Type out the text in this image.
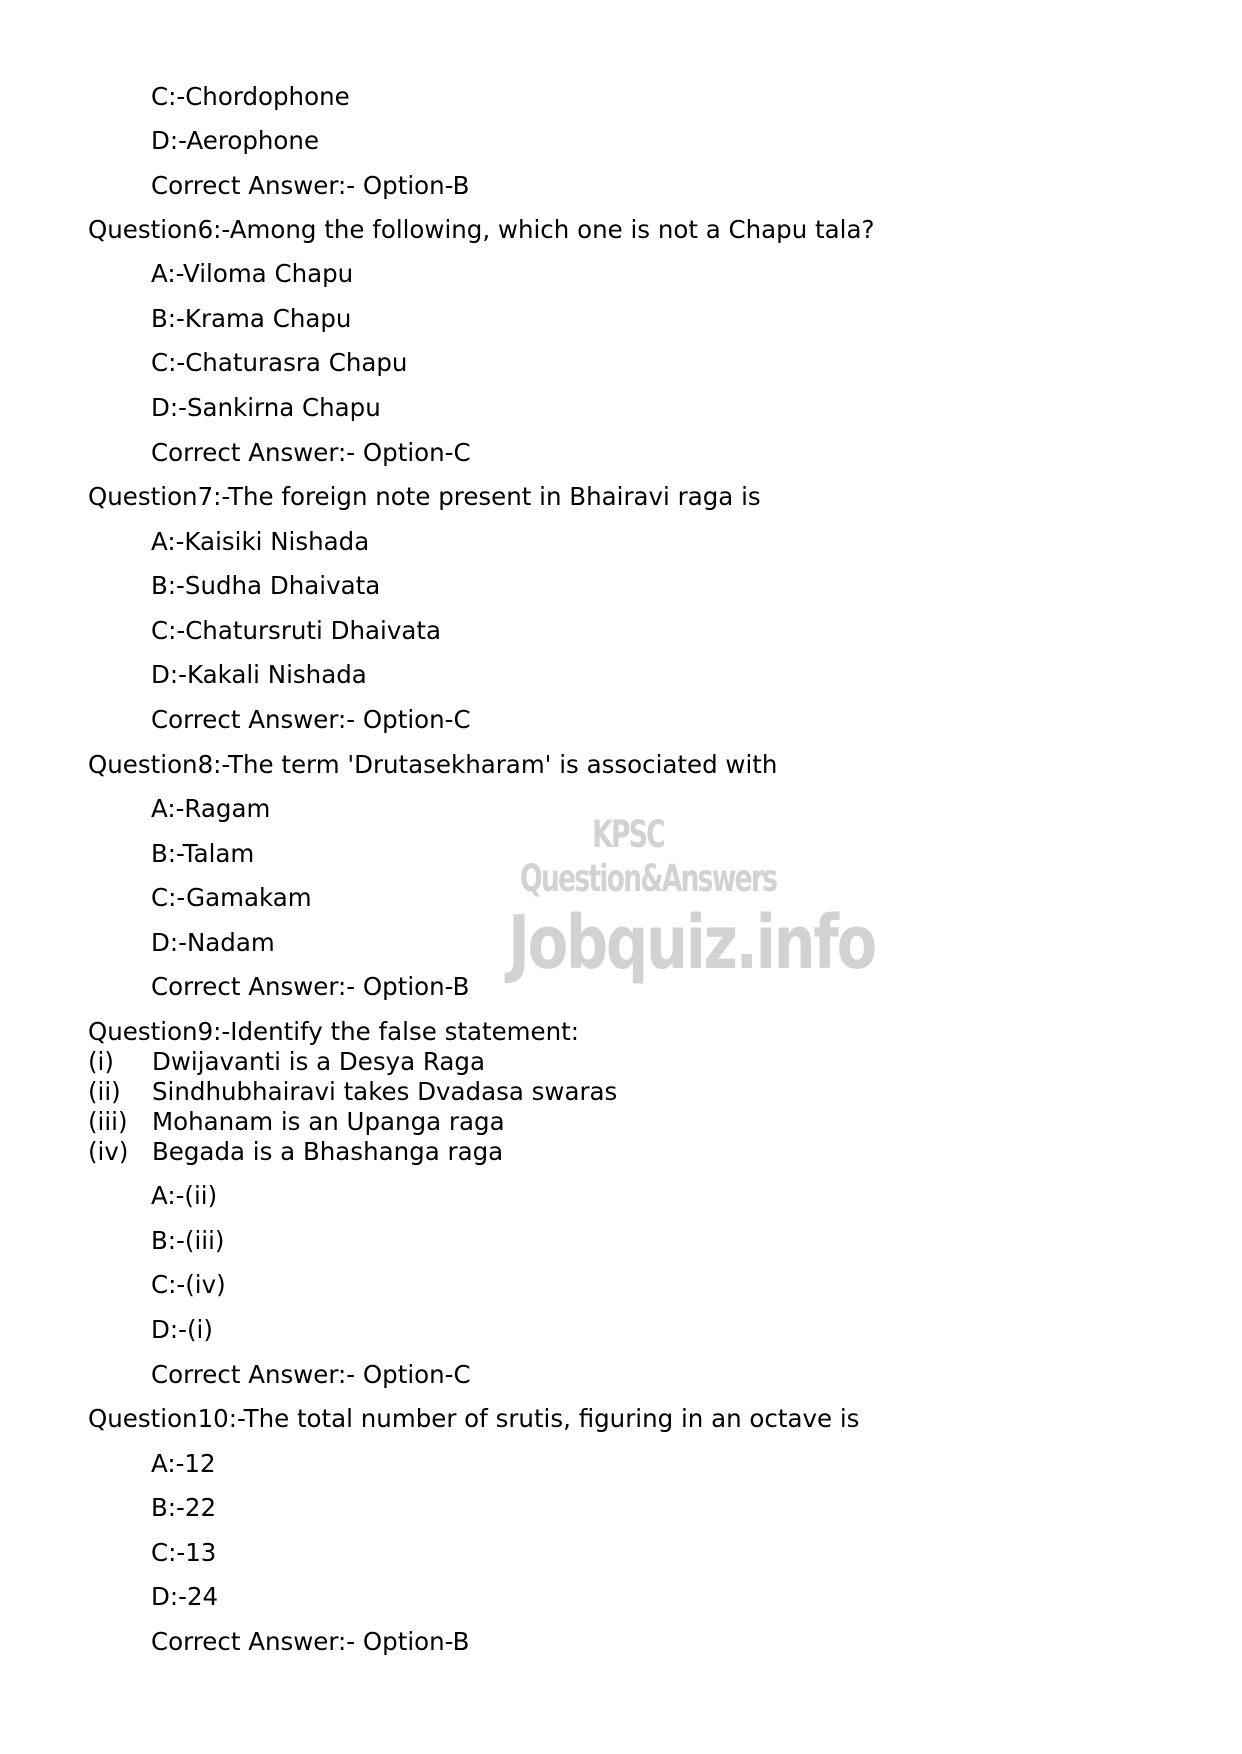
KPSC Question&Answers
Jobquiz.info
C:-Chordophone
D:-Aerophone
Correct Answer:- Option-B
Question6:-Among the following, which one is not a Chapu tala?
A:-Viloma Chapu
B:-Krama Chapu
C:-Chaturasra Chapu
D:-Sankirna Chapu
Correct Answer:- Option-C
Question7:-The foreign note present in Bhairavi raga is
A:-Kaisiki Nishada
B:-Sudha Dhaivata
C:-Chatursruti Dhaivata
D:-Kakali Nishada
Correct Answer:- Option-C
Question8:-The term 'Drutasekharam' is associated with
A:-Ragam
B:-Talam
C:-Gamakam
D:-Nadam
Correct Answer:- Option-B
Question9:-Identify the false statement:
(i) Dwijavanti is a Desya Raga
(ii) Sindhubhairavi takes Dvadasa swaras
(iii) Mohanam is an Upanga raga
(iv) Begada is a Bhashanga raga
A:-(ii)
B:-(iii)
C:-(iv)
D:-(i)
Correct Answer:- Option-C
Question10:-The total number of srutis, figuring in an octave is
A:-12
B:-22
C:-13
D:-24
Correct Answer:- Option-B
